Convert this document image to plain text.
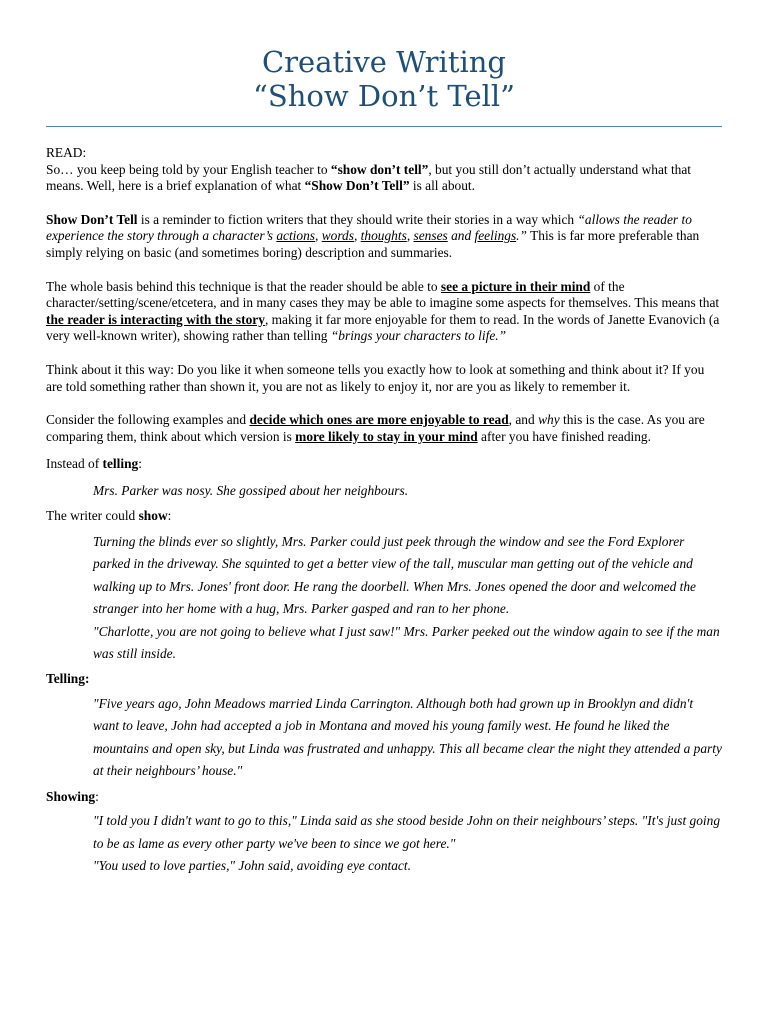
Creative Writing
“Show Don’t Tell”

READ:

So… you keep being told by your English teacher to “show don’t tell”, but you still don’t actually understand what that means. Well, here is a brief explanation of what “Show Don’t Tell” is all about.

Show Don’t Tell is a reminder to fiction writers that they should write their stories in a way which “allows the reader to experience the story through a character’s actions, words, thoughts, senses and feelings.” This is far more preferable than simply relying on basic (and sometimes boring) description and summaries.

The whole basis behind this technique is that the reader should be able to see a picture in their mind of the character/setting/scene/etcetera, and in many cases they may be able to imagine some aspects for themselves. This means that the reader is interacting with the story, making it far more enjoyable for them to read. In the words of Janette Evanovich (a very well-known writer), showing rather than telling “brings your characters to life.”

Think about it this way: Do you like it when someone tells you exactly how to look at something and think about it? If you are told something rather than shown it, you are not as likely to enjoy it, nor are you as likely to remember it.

Consider the following examples and decide which ones are more enjoyable to read, and why this is the case. As you are comparing them, think about which version is more likely to stay in your mind after you have finished reading.

Instead of telling:

Mrs. Parker was nosy. She gossiped about her neighbours.

The writer could show:

Turning the blinds ever so slightly, Mrs. Parker could just peek through the window and see the Ford Explorer parked in the driveway. She squinted to get a better view of the tall, muscular man getting out of the vehicle and walking up to Mrs. Jones' front door. He rang the doorbell. When Mrs. Jones opened the door and welcomed the stranger into her home with a hug, Mrs. Parker gasped and ran to her phone.

"Charlotte, you are not going to believe what I just saw!" Mrs. Parker peeked out the window again to see if the man was still inside.

Telling:

"Five years ago, John Meadows married Linda Carrington. Although both had grown up in Brooklyn and didn't want to leave, John had accepted a job in Montana and moved his young family west. He found he liked the mountains and open sky, but Linda was frustrated and unhappy. This all became clear the night they attended a party at their neighbours’ house."

Showing:

"I told you I didn't want to go to this," Linda said as she stood beside John on their neighbours’ steps. "It's just going to be as lame as every other party we've been to since we got here."

"You used to love parties," John said, avoiding eye contact.
